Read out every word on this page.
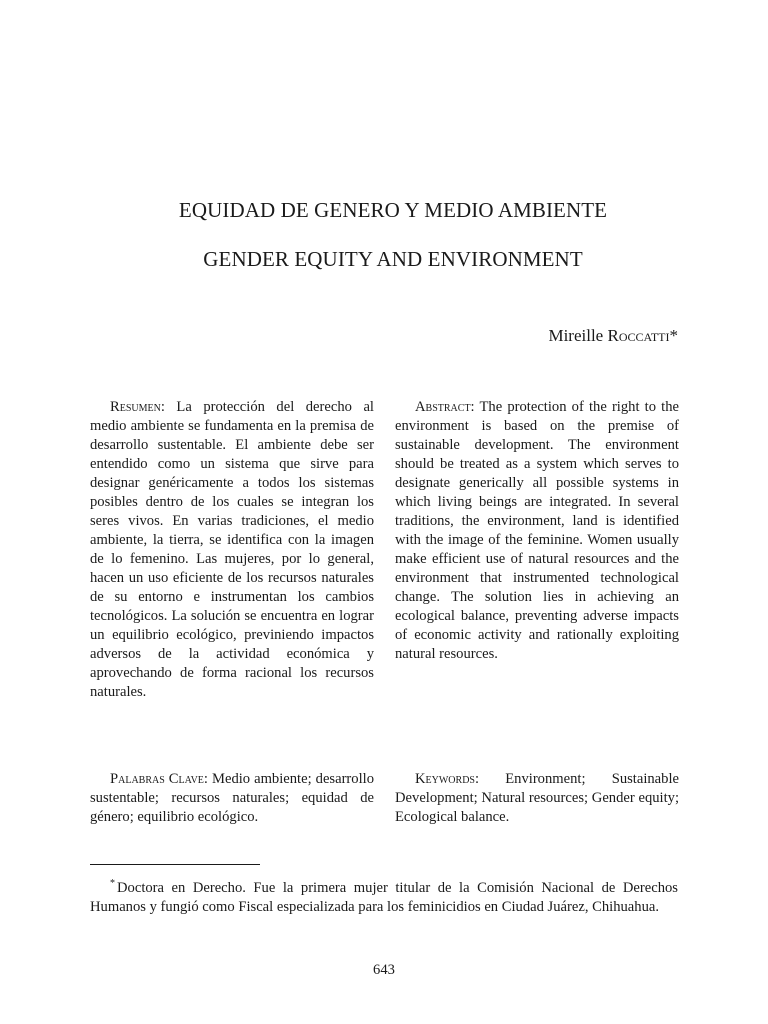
EQUIDAD DE GENERO Y MEDIO AMBIENTE
GENDER EQUITY AND ENVIRONMENT
Mireille Roccatti*

Resumen: La protección del derecho al medio ambiente se fundamenta en la premisa de desarrollo sustentable. El ambiente debe ser entendido como un sistema que sirve para designar genéricamente a todos los sistemas posibles dentro de los cuales se integran los seres vivos. En varias tradiciones, el medio ambiente, la tierra, se identifica con la imagen de lo femenino. Las mujeres, por lo general, hacen un uso eficiente de los recursos naturales de su entorno e instrumentan los cambios tecnológicos. La solución se encuentra en lograr un equilibrio ecológico, previniendo impactos adversos de la actividad económica y aprovechando de forma racional los recursos naturales.

Abstract: The protection of the right to the environment is based on the premise of sustainable development. The environment should be treated as a system which serves to designate generically all possible systems in which living beings are integrated. In several traditions, the environment, land is identified with the image of the feminine. Women usually make efficient use of natural resources and the environment that instrumented technological change. The solution lies in achieving an ecological balance, preventing adverse impacts of economic activity and rationally exploiting natural resources.

Palabras Clave: Medio ambiente; desarrollo sustentable; recursos naturales; equidad de género; equilibrio ecológico.

Keywords: Environment; Sustainable Development; Natural resources; Gender equity; Ecological balance.

* Doctora en Derecho. Fue la primera mujer titular de la Comisión Nacional de Derechos Humanos y fungió como Fiscal especializada para los feminicidios en Ciudad Juárez, Chihuahua.

643
